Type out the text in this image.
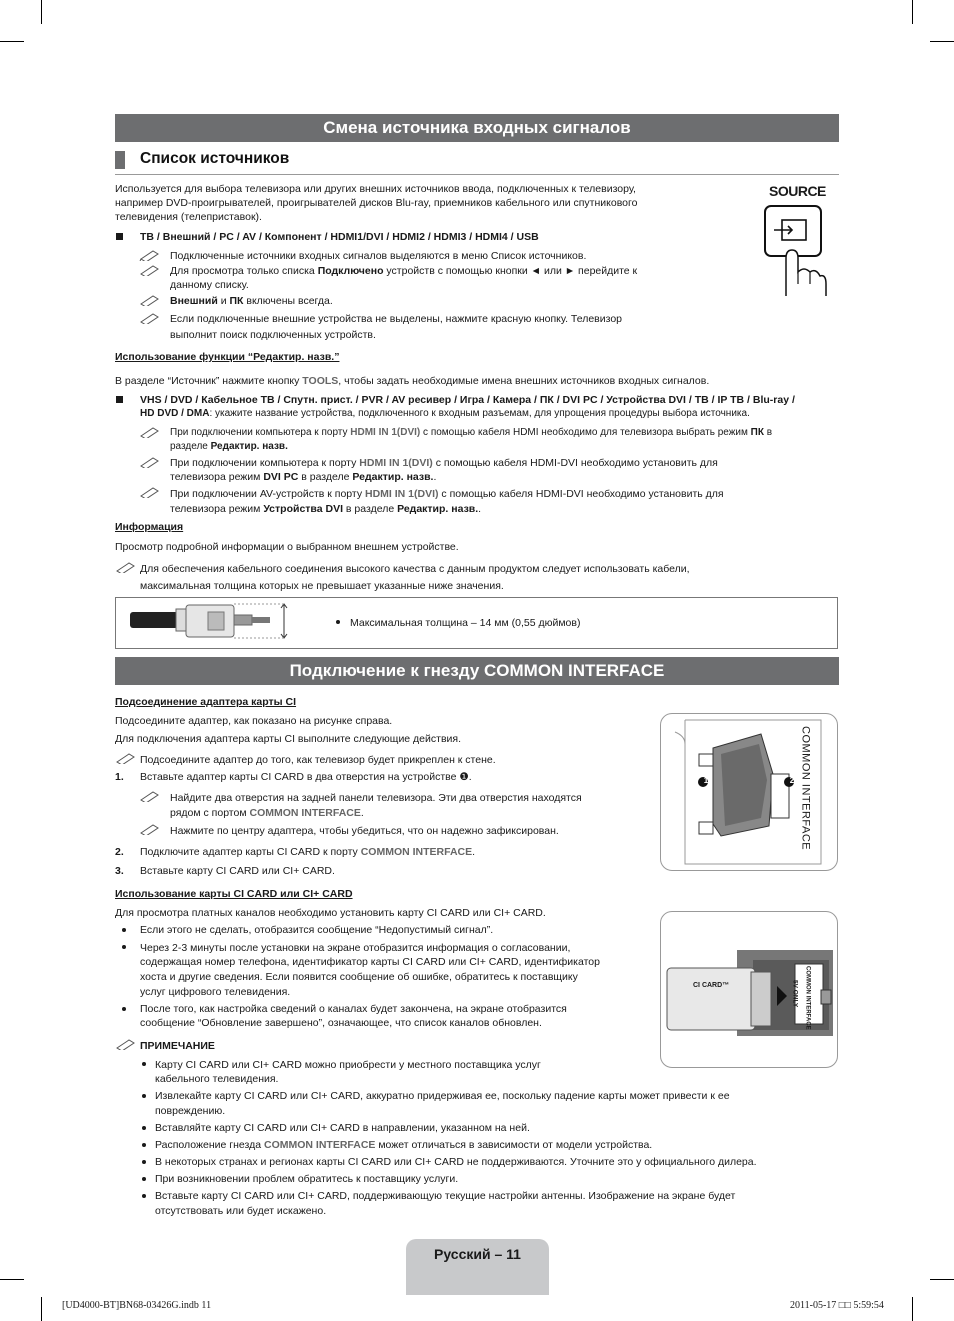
Смена источника входных сигналов
Список источников
Используется для выбора телевизора или других внешних источников ввода, подключенных к телевизору,
например DVD-проигрывателей, проигрывателей дисков Blu-ray, приемников кабельного или спутникового
телевидения (телеприставок).
SOURCE
ТВ / Внешний / PC / AV / Компонент / HDMI1/DVI / HDMI2 / HDMI3 / HDMI4 / USB
Подключенные источники входных сигналов выделяются в меню Список источников.
Для просмотра только списка Подключено устройств с помощью кнопки ◄ или ► перейдите к
данному списку.
Внешний и ПК включены всегда.
Если подключенные внешние устройства не выделены, нажмите красную кнопку. Телевизор
выполнит поиск подключенных устройств.
Использование функции “Редактир. назв.”
В разделе “Источник” нажмите кнопку TOOLS, чтобы задать необходимые имена внешних источников входных сигналов.
VHS / DVD / Кабельное ТВ / Спутн. прист. / PVR / AV ресивер / Игра / Камера / ПК / DVI PC / Устройства DVI / ТВ / IP ТВ / Blu-ray /
HD DVD / DMA: укажите название устройства, подключенного к входным разъемам, для упрощения процедуры выбора источника.
При подключении компьютера к порту HDMI IN 1(DVI) с помощью кабеля HDMI необходимо для телевизора выбрать режим ПК в
разделе Редактир. назв.
При подключении компьютера к порту HDMI IN 1(DVI) с помощью кабеля HDMI-DVI необходимо установить для
телевизора режим DVI PC в разделе Редактир. назв..
При подключении AV-устройств к порту HDMI IN 1(DVI) с помощью кабеля HDMI-DVI необходимо установить для
телевизора режим Устройства DVI в разделе Редактир. назв..
Информация
Просмотр подробной информации о выбранном внешнем устройстве.
Для обеспечения кабельного соединения высокого качества с данным продуктом следует использовать кабели,
максимальная толщина которых не превышает указанные ниже значения.
Максимальная толщина – 14 мм (0,55 дюймов)
Подключение к гнезду COMMON INTERFACE
Подсоединение адаптера карты CI
Подсоедините адаптер, как показано на рисунке справа.
Для подключения адаптера карты CI выполните следующие действия.
Подсоедините адаптер до того, как телевизор будет прикреплен к стене.
1. Вставьте адаптер карты CI CARD в два отверстия на устройстве ❶.
Найдите два отверстия на задней панели телевизора. Эти два отверстия находятся
рядом с портом COMMON INTERFACE.
Нажмите по центру адаптера, чтобы убедиться, что он надежно зафиксирован.
2. Подключите адаптер карты CI CARD к порту COMMON INTERFACE.
3. Вставьте карту CI CARD или CI+ CARD.
1	2 COMMON INTERFACE
Использование карты CI CARD или CI+ CARD
Для просмотра платных каналов необходимо установить карту CI CARD или CI+ CARD.
Если этого не сделать, отобразится сообщение “Недопустимый сигнал”.
Через 2-3 минуты после установки на экране отобразится информация о согласовании,
содержащая номер телефона, идентификатор карты CI CARD или CI+ CARD, идентификатор
хоста и другие сведения. Если появится сообщение об ошибке, обратитесь к поставщику
услуг цифрового телевидения.
После того, как настройка сведений о каналах будет закончена, на экране отобразится
сообщение “Обновление завершено”, означающее, что список каналов обновлен.
CI CARD™	COMMON INTERFACE
5V ONLY
ПРИМЕЧАНИЕ
Карту CI CARD или CI+ CARD можно приобрести у местного поставщика услуг
кабельного телевидения.
Извлекайте карту CI CARD или CI+ CARD, аккуратно придерживая ее, поскольку падение карты может привести к ее
повреждению.
Вставляйте карту CI CARD или CI+ CARD в направлении, указанном на ней.
Расположение гнезда COMMON INTERFACE может отличаться в зависимости от модели устройства.
В некоторых странах и регионах карты CI CARD или CI+ CARD не поддерживаются. Уточните это у официального дилера.
При возникновении проблем обратитесь к поставщику услуги.
Вставьте карту CI CARD или CI+ CARD, поддерживающую текущие настройки антенны. Изображение на экране будет
отсутствовать или будет искажено.
Русский – 11
[UD4000-BT]BN68-03426G.indb 11	2011-05-17 □□ 5:59:54
